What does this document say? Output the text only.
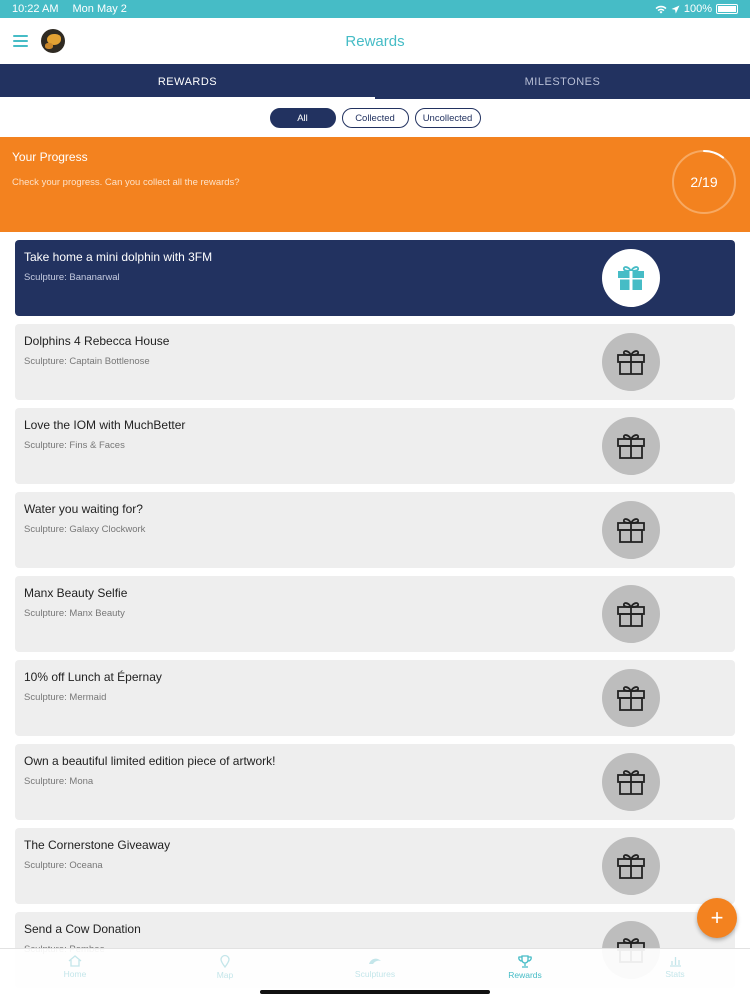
10:22 AM Mon May 2	100%
Rewards
REWARDS	MILESTONES
All	Collected	Uncollected
Your Progress
Check your progress. Can you collect all the rewards?	2/19
Take home a mini dolphin with 3FM
Sculpture: Bananarwal
Dolphins 4 Rebecca House
Sculpture: Captain Bottlenose
Love the IOM with MuchBetter
Sculpture: Fins & Faces
Water you waiting for?
Sculpture: Galaxy Clockwork
Manx Beauty Selfie
Sculpture: Manx Beauty
10% off Lunch at Épernay
Sculpture: Mermaid
Own a beautiful limited edition piece of artwork!
Sculpture: Mona
The Cornerstone Giveaway
Sculpture: Oceana
Send a Cow Donation	+
Home	Map	Sculptures	Rewards	Stats
